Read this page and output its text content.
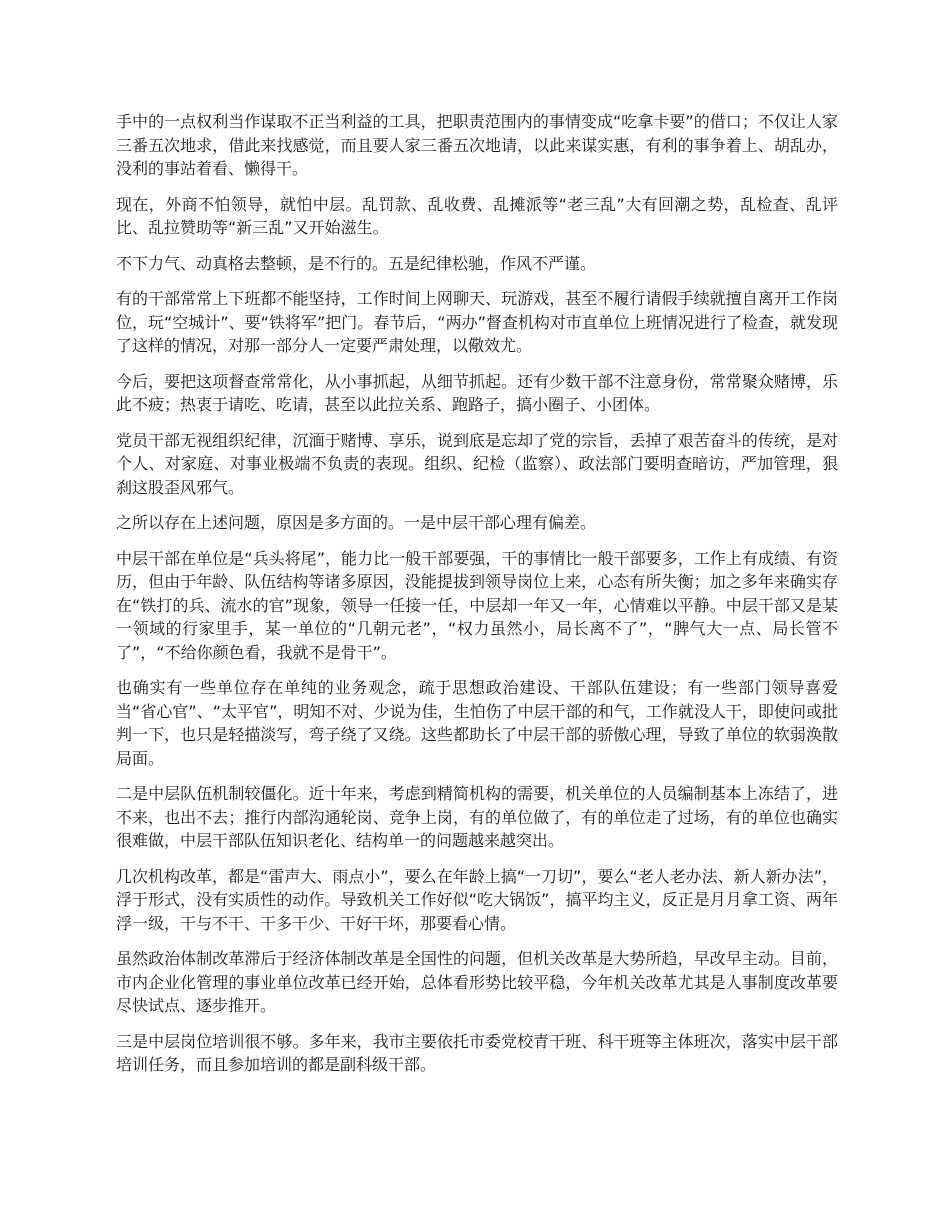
手中的一点权利当作谋取不正当利益的工具，把职责范围内的事情变成“吃拿卡要”的借口；不仅让人家三番五次地求，借此来找感觉，而且要人家三番五次地请，以此来谋实惠，有利的事争着上、胡乱办，没利的事站着看、懒得干。

现在，外商不怕领导，就怕中层。乱罚款、乱收费、乱摊派等“老三乱”大有回潮之势，乱检查、乱评比、乱拉赞助等“新三乱”又开始滋生。

不下力气、动真格去整顿，是不行的。五是纪律松驰，作风不严谨。

有的干部常常上下班都不能坚持，工作时间上网聊天、玩游戏，甚至不履行请假手续就擅自离开工作岗位，玩“空城计”、要“铁将军”把门。春节后，“两办”督查机构对市直单位上班情况进行了检查，就发现了这样的情况，对那一部分人一定要严肃处理，以儆效尤。

今后，要把这项督查常常化，从小事抓起，从细节抓起。还有少数干部不注意身份，常常聚众赌博，乐此不疲；热衷于请吃、吃请，甚至以此拉关系、跑路子，搞小圈子、小团体。

党员干部无视组织纪律，沉湎于赌博、享乐，说到底是忘却了党的宗旨，丢掉了艰苦奋斗的传统，是对个人、对家庭、对事业极端不负责的表现。组织、纪检（监察）、政法部门要明查暗访，严加管理，狠刹这股歪风邪气。

之所以存在上述问题，原因是多方面的。一是中层干部心理有偏差。

中层干部在单位是“兵头将尾”，能力比一般干部要强，干的事情比一般干部要多，工作上有成绩、有资历，但由于年龄、队伍结构等诸多原因，没能提拔到领导岗位上来，心态有所失衡；加之多年来确实存在“铁打的兵、流水的官”现象，领导一任接一任，中层却一年又一年，心情难以平静。中层干部又是某一领域的行家里手，某一单位的“几朝元老”，“权力虽然小，局长离不了”，“脾气大一点、局长管不了”，“不给你颜色看，我就不是骨干”。

也确实有一些单位存在单纯的业务观念，疏于思想政治建设、干部队伍建设；有一些部门领导喜爱当“省心官”、“太平官”，明知不对、少说为佳，生怕伤了中层干部的和气，工作就没人干，即使问或批判一下，也只是轻描淡写，弯子绕了又绕。这些都助长了中层干部的骄傲心理，导致了单位的软弱涣散局面。

二是中层队伍机制较僵化。近十年来，考虑到精简机构的需要，机关单位的人员编制基本上冻结了，进不来，也出不去；推行内部沟通轮岗、竞争上岗，有的单位做了，有的单位走了过场，有的单位也确实很难做，中层干部队伍知识老化、结构单一的问题越来越突出。

几次机构改革，都是“雷声大、雨点小”，要么在年龄上搞“一刀切”，要么“老人老办法、新人新办法”，浮于形式，没有实质性的动作。导致机关工作好似“吃大锅饭”，搞平均主义，反正是月月拿工资、两年浮一级，干与不干、干多干少、干好干坏，那要看心情。

虽然政治体制改革滞后于经济体制改革是全国性的问题，但机关改革是大势所趋，早改早主动。目前，市内企业化管理的事业单位改革已经开始，总体看形势比较平稳，今年机关改革尤其是人事制度改革要尽快试点、逐步推开。

三是中层岗位培训很不够。多年来，我市主要依托市委党校青干班、科干班等主体班次，落实中层干部培训任务，而且参加培训的都是副科级干部。
